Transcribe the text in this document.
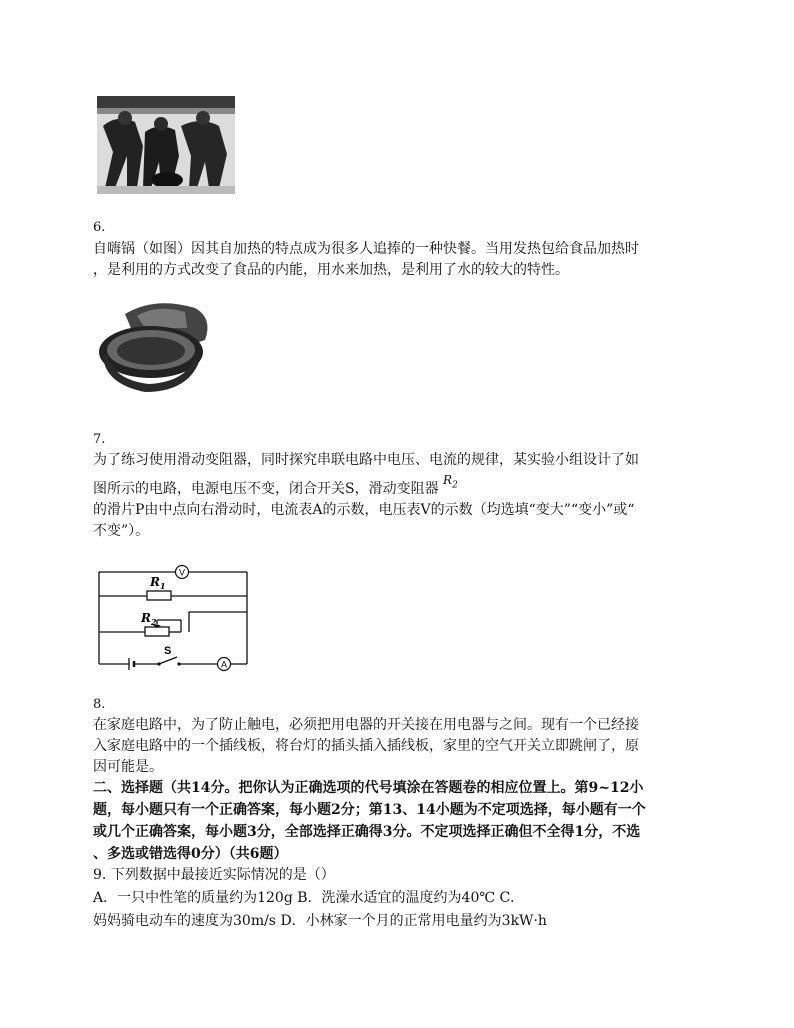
6.
自嗨锅（如图）因其自加热的特点成为很多人追捧的一种快餐。当用发热包给食品加热时
，是利用的方式改变了食品的内能，用水来加热，是利用了水的较大的特性。
7.
为了练习使用滑动变阻器，同时探究串联电路中电压、电流的规律，某实验小组设计了如
图所示的电路，电源电压不变，闭合开关S，滑动变阻器 $R_2$
的滑片P由中点向右滑动时，电流表A的示数，电压表V的示数（均选填“变大”“变小”或“
不变”）。
V
A
$R_1$
$R_2$
S
8.
在家庭电路中，为了防止触电，必须把用电器的开关接在用电器与之间。现有一个已经接
入家庭电路中的一个插线板，将台灯的插头插入插线板，家里的空气开关立即跳闸了，原
因可能是。
二、选择题（共14分。把你认为正确选项的代号填涂在答题卷的相应位置上。第9~12小
题，每小题只有一个正确答案，每小题2分；第13、14小题为不定项选择，每小题有一个
或几个正确答案，每小题3分，全部选择正确得3分。不定项选择正确但不全得1分，不选
、多选或错选得0分）（共6题）
9. 下列数据中最接近实际情况的是（）
A．一只中性笔的质量约为120g B．洗澡水适宜的温度约为40℃ C．
妈妈骑电动车的速度为30m/s D．小林家一个月的正常用电量约为3kW·h
